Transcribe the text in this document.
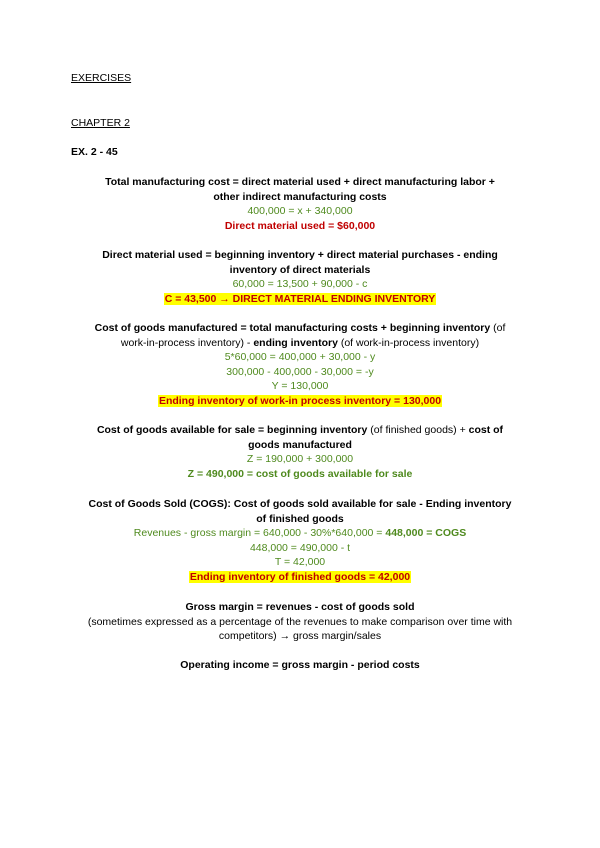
EXERCISES
CHAPTER 2
EX. 2 - 45
Total manufacturing cost = direct material used + direct manufacturing labor +
other indirect manufacturing costs
400,000 = x + 340,000
Direct material used = $60,000
Direct material used = beginning inventory + direct material purchases - ending
inventory of direct materials
60,000 = 13,500 + 90,000 - c
C = 43,500 → DIRECT MATERIAL ENDING INVENTORY
Cost of goods manufactured = total manufacturing costs + beginning inventory (of
work-in-process inventory) - ending inventory (of work-in-process inventory)
5*60,000 = 400,000 + 30,000 - y
300,000 - 400,000 - 30,000 = -y
Y = 130,000
Ending inventory of work-in process inventory = 130,000
Cost of goods available for sale = beginning inventory (of finished goods) + cost of
goods manufactured
Z = 190,000 + 300,000
Z = 490,000 = cost of goods available for sale
Cost of Goods Sold (COGS): Cost of goods sold available for sale - Ending inventory
of finished goods
Revenues - gross margin = 640,000 - 30%*640,000 = 448,000 = COGS
448,000 = 490,000 - t
T = 42,000
Ending inventory of finished goods = 42,000
Gross margin = revenues - cost of goods sold
(sometimes expressed as a percentage of the revenues to make comparison over time with
competitors) → gross margin/sales
Operating income = gross margin - period costs
